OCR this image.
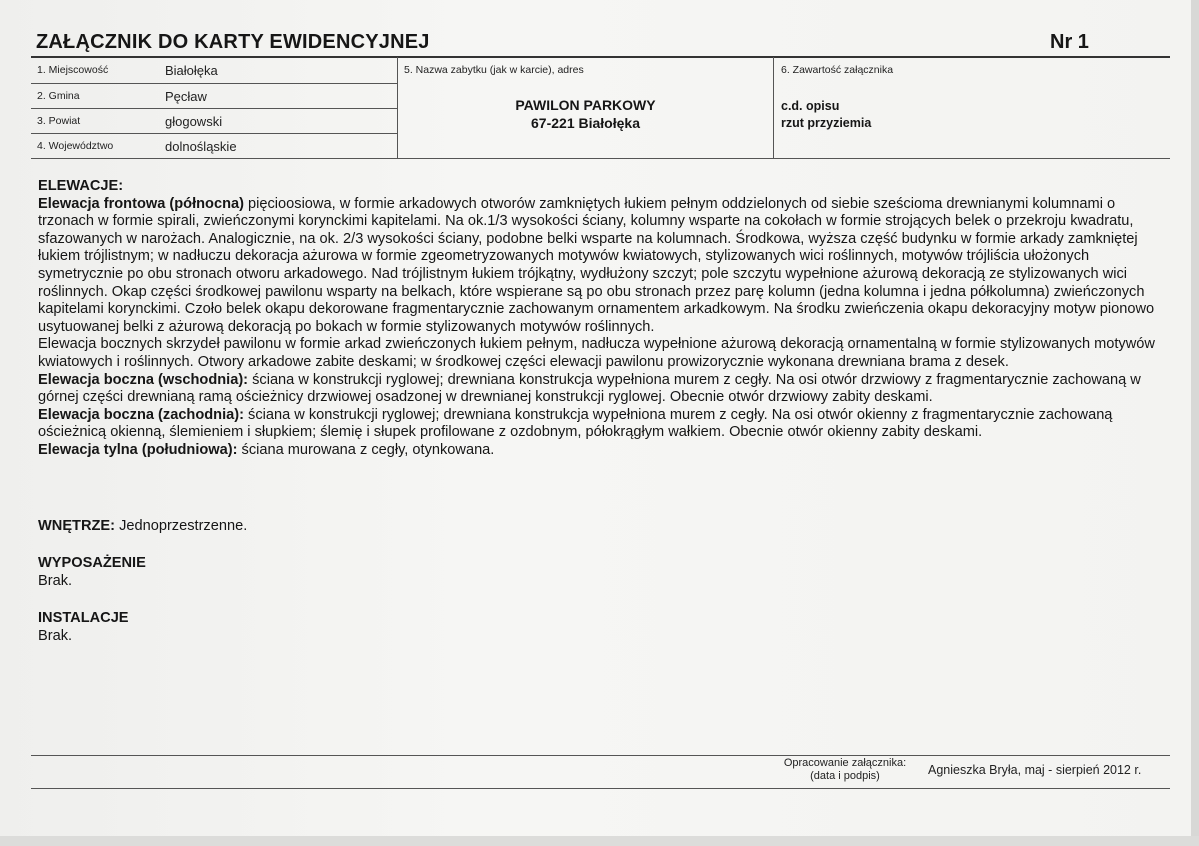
ZAŁĄCZNIK DO KARTY EWIDENCYJNEJ	Nr 1
1. Miejscowość	Białołęka
2. Gmina	Pęcław
3. Powiat	głogowski
4. Województwo	dolnośląskie
5. Nazwa zabytku (jak w karcie), adres
PAWILON PARKOWY
67-221 Białołęka
6. Zawartość załącznika
c.d. opisu
rzut przyziemia

ELEWACJE:

Elewacja frontowa (północna) pięcioosiowa, w formie arkadowych otworów zamkniętych łukiem pełnym oddzielonych od siebie sześcioma drewnianymi kolumnami o trzonach w formie spirali, zwieńczonymi korynckimi kapitelami. Na ok.1/3 wysokości ściany, kolumny wsparte na cokołach w formie strojących belek o przekroju kwadratu, sfazowanych w narożach. Analogicznie, na ok. 2/3 wysokości ściany, podobne belki wsparte na kolumnach. Środkowa, wyższa część budynku w formie arkady zamkniętej łukiem trójlistnym; w nadłuczu dekoracja ażurowa w formie zgeometryzowanych motywów kwiatowych, stylizowanych wici roślinnych, motywów trójliścia ułożonych symetrycznie po obu stronach otworu arkadowego. Nad trójlistnym łukiem trójkątny, wydłużony szczyt; pole szczytu wypełnione ażurową dekoracją ze stylizowanych wici roślinnych. Okap części środkowej pawilonu wsparty na belkach, które wspierane są po obu stronach przez parę kolumn (jedna kolumna i jedna półkolumna) zwieńczonych kapitelami korynckimi. Czoło belek okapu dekorowane fragmentarycznie zachowanym ornamentem arkadkowym. Na środku zwieńczenia okapu dekoracyjny motyw pionowo usytuowanej belki z ażurową dekoracją po bokach w formie stylizowanych motywów roślinnych.

Elewacja bocznych skrzydeł pawilonu w formie arkad zwieńczonych łukiem pełnym, nadłucza wypełnione ażurową dekoracją ornamentalną w formie stylizowanych motywów kwiatowych i roślinnych. Otwory arkadowe zabite deskami; w środkowej części elewacji pawilonu prowizorycznie wykonana drewniana brama z desek.

Elewacja boczna (wschodnia): ściana w konstrukcji ryglowej; drewniana konstrukcja wypełniona murem z cegły. Na osi otwór drzwiowy z fragmentarycznie zachowaną w górnej części drewnianą ramą ościeżnicy drzwiowej osadzonej w drewnianej konstrukcji ryglowej. Obecnie otwór drzwiowy zabity deskami.

Elewacja boczna (zachodnia): ściana w konstrukcji ryglowej; drewniana konstrukcja wypełniona murem z cegły. Na osi otwór okienny z fragmentarycznie zachowaną ościeżnicą okienną, ślemieniem i słupkiem; ślemię i słupek profilowane z ozdobnym, półokrągłym wałkiem. Obecnie otwór okienny zabity deskami.

Elewacja tylna (południowa): ściana murowana z cegły, otynkowana.

WNĘTRZE: Jednoprzestrzenne.
WYPOSAŻENIE
Brak.
INSTALACJE
Brak.
Opracowanie załącznika:
(data i podpis)	Agnieszka Bryła, maj - sierpień 2012 r.
